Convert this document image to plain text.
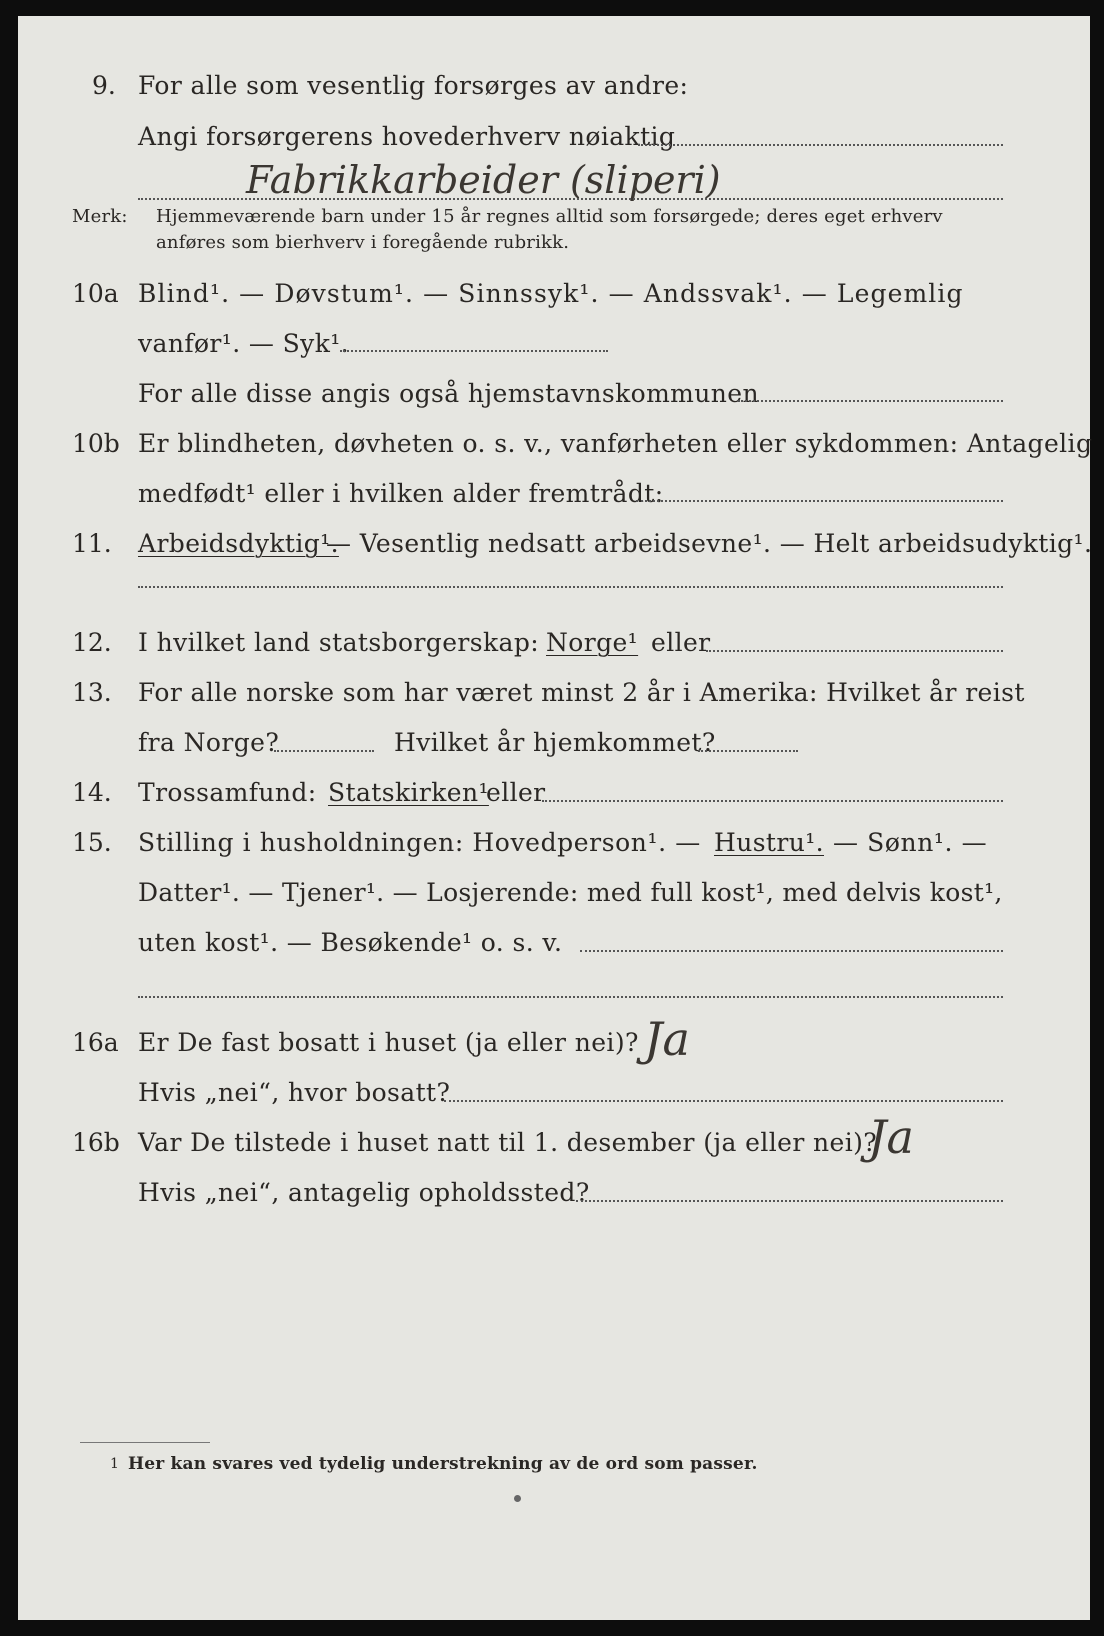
9. For alle som vesentlig forsørges av andre:
Angi forsørgerens hovederhverv nøiaktig
Fabrikkarbeider (sliperi)
Merk: Hjemmeværende barn under 15 år regnes alltid som forsørgede; deres eget erhverv
anføres som bierhverv i foregående rubrikk.
10a Blind¹. — Døvstum¹. — Sinnssyk¹. — Andssvak¹. — Legemlig
vanfør¹. — Syk¹.
For alle disse angis også hjemstavnskommunen
10b Er blindheten, døvheten o. s. v., vanførheten eller sykdommen: Antagelig
medfødt¹ eller i hvilken alder fremtrådt:
11. Arbeidsdyktig¹.
— Vesentlig nedsatt arbeidsevne¹. — Helt arbeidsudyktig¹.
12. I hvilket land statsborgerskap: Norge¹ eller
13. For alle norske som har været minst 2 år i Amerika: Hvilket år reist
fra Norge?	Hvilket år hjemkommet?
14. Trossamfund: Statskirken¹
eller
15. Stilling i husholdningen: Hovedperson¹. — Hustru¹. — Sønn¹. —
Datter¹. — Tjener¹. — Losjerende: med full kost¹, med delvis kost¹,
uten kost¹. — Besøkende¹ o. s. v.
16a Er De fast bosatt i huset (ja eller nei)? Ja
Hvis „nei“, hvor bosatt?
16b Var De tilstede i huset natt til 1. desember (ja eller nei)?
Ja
Hvis „nei“, antagelig opholdssted?
1 Her kan svares ved tydelig understrekning av de ord som passer.
